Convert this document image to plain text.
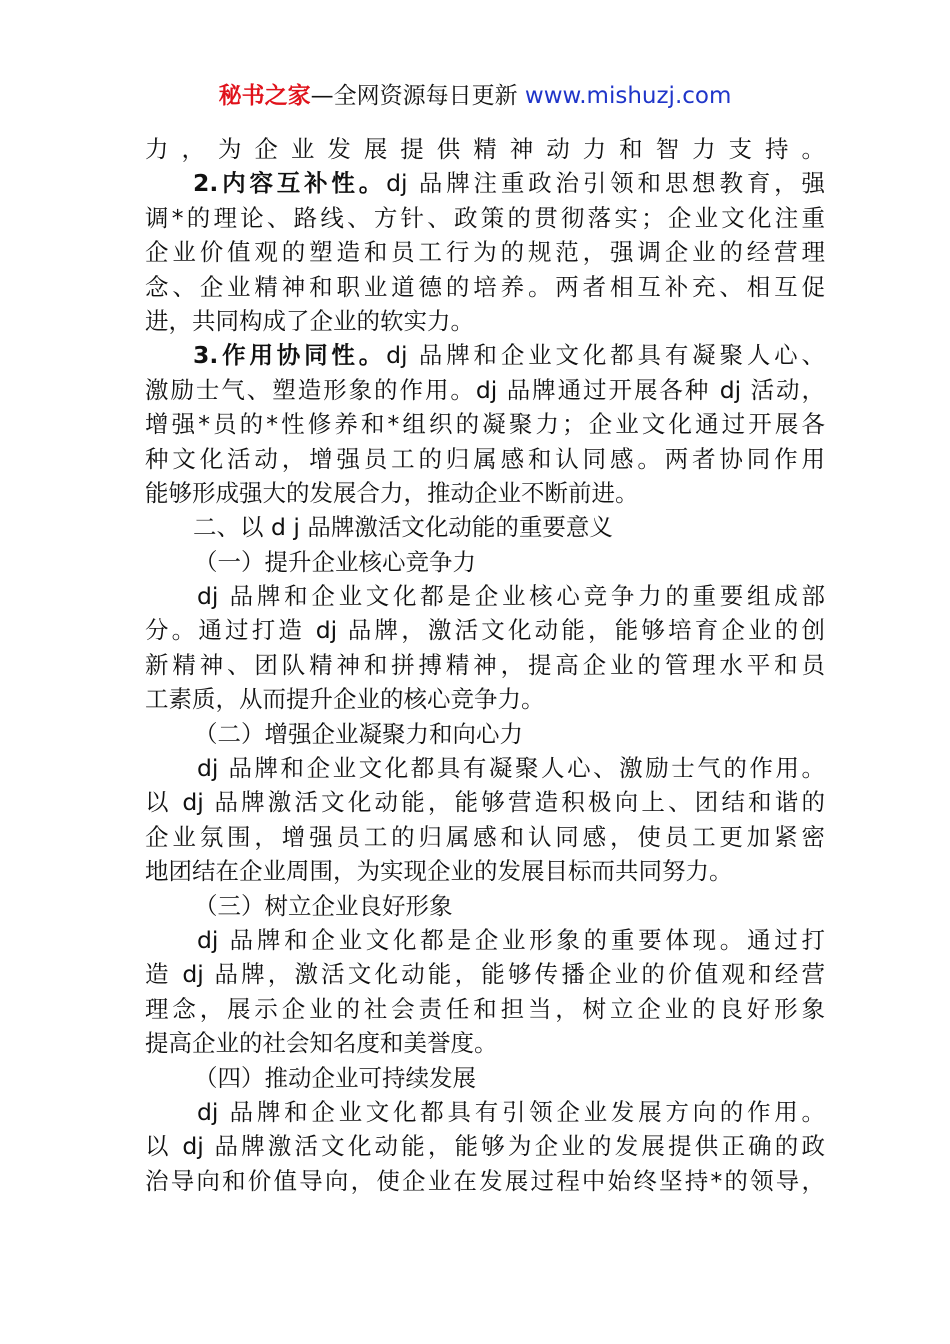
秘书之家—全网资源每日更新 www.mishuzj.com
力，为企业发展提供精神动力和智力支持。
2.内容互补性。dj 品牌注重政治引领和思想教育，强
调*的理论、路线、方针、政策的贯彻落实；企业文化注重
企业价值观的塑造和员工行为的规范，强调企业的经营理
念、企业精神和职业道德的培养。两者相互补充、相互促
进，共同构成了企业的软实力。
3.作用协同性。dj 品牌和企业文化都具有凝聚人心、
激励士气、塑造形象的作用。dj 品牌通过开展各种 dj 活动，
增强*员的*性修养和*组织的凝聚力；企业文化通过开展各
种文化活动，增强员工的归属感和认同感。两者协同作用
能够形成强大的发展合力，推动企业不断前进。
二、以 d j 品牌激活文化动能的重要意义
（一）提升企业核心竞争力
dj 品牌和企业文化都是企业核心竞争力的重要组成部
分。通过打造 dj 品牌，激活文化动能，能够培育企业的创
新精神、团队精神和拼搏精神，提高企业的管理水平和员
工素质，从而提升企业的核心竞争力。
（二）增强企业凝聚力和向心力
dj 品牌和企业文化都具有凝聚人心、激励士气的作用。
以 dj 品牌激活文化动能，能够营造积极向上、团结和谐的
企业氛围，增强员工的归属感和认同感，使员工更加紧密
地团结在企业周围，为实现企业的发展目标而共同努力。
（三）树立企业良好形象
dj 品牌和企业文化都是企业形象的重要体现。通过打
造 dj 品牌，激活文化动能，能够传播企业的价值观和经营
理念，展示企业的社会责任和担当，树立企业的良好形象
提高企业的社会知名度和美誉度。
（四）推动企业可持续发展
dj 品牌和企业文化都具有引领企业发展方向的作用。
以 dj 品牌激活文化动能，能够为企业的发展提供正确的政
治导向和价值导向，使企业在发展过程中始终坚持*的领导，
